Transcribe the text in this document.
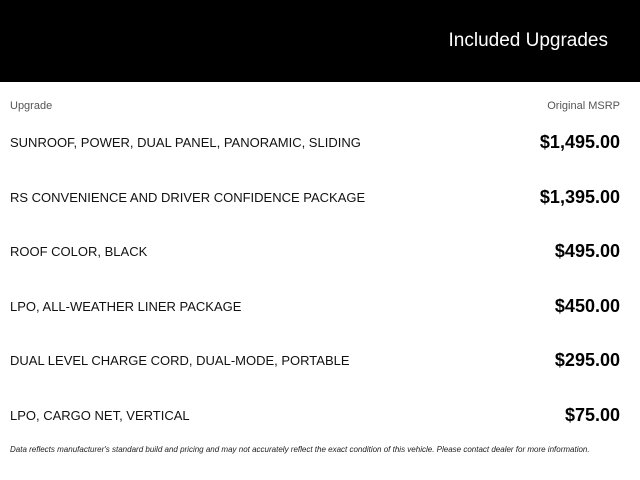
Included Upgrades
Upgrade	Original MSRP
SUNROOF, POWER, DUAL PANEL, PANORAMIC, SLIDING	$1,495.00
RS CONVENIENCE AND DRIVER CONFIDENCE PACKAGE	$1,395.00
ROOF COLOR, BLACK	$495.00
LPO, ALL-WEATHER LINER PACKAGE	$450.00
DUAL LEVEL CHARGE CORD, DUAL-MODE, PORTABLE	$295.00
LPO, CARGO NET, VERTICAL	$75.00
Data reflects manufacturer's standard build and pricing and may not accurately reflect the exact condition of this vehicle. Please contact dealer for more information.
